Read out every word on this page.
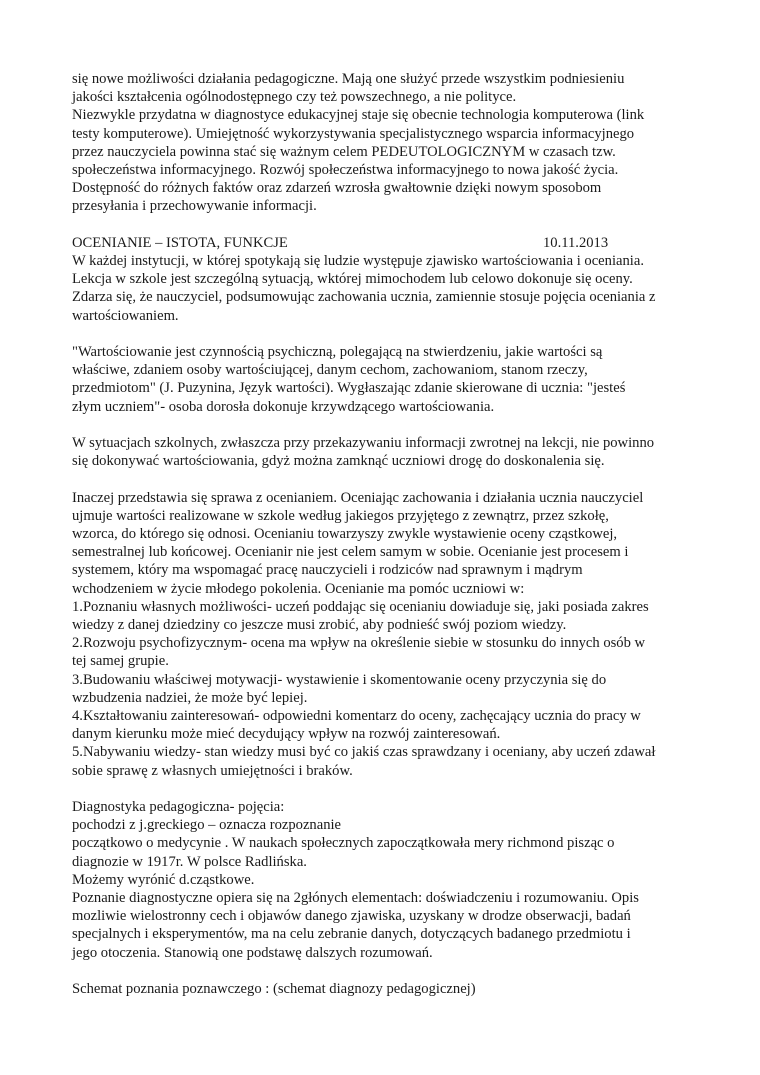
się nowe możliwości działania pedagogiczne. Mają one służyć przede wszystkim podniesieniu
jakości kształcenia ogólnodostępnego czy też powszechnego, a nie polityce.
Niezwykle przydatna w diagnostyce edukacyjnej staje się obecnie technologia komputerowa (link
testy komputerowe). Umiejętność wykorzystywania specjalistycznego wsparcia informacyjnego
przez nauczyciela powinna stać się ważnym celem PEDEUTOLOGICZNYM w czasach tzw.
społeczeństwa informacyjnego. Rozwój społeczeństwa informacyjnego to nowa jakość życia.
Dostępność do różnych faktów oraz zdarzeń wzrosła gwałtownie dzięki nowym sposobom
przesyłania i przechowywanie informacji.
OCENIANIE – ISTOTA, FUNKCJE	10.11.2013
W każdej instytucji, w której spotykają się ludzie występuje zjawisko wartościowania i oceniania.
Lekcja w szkole jest szczególną sytuacją, wktórej mimochodem lub celowo dokonuje się oceny.
Zdarza się, że nauczyciel, podsumowując zachowania ucznia, zamiennie stosuje pojęcia oceniania z
wartościowaniem.
"Wartościowanie jest czynnością psychiczną, polegającą na stwierdzeniu, jakie wartości są
właściwe, zdaniem osoby wartościującej, danym cechom, zachowaniom, stanom rzeczy,
przedmiotom" (J. Puzynina, Język wartości). Wygłaszając zdanie skierowane di ucznia: "jesteś
złym uczniem"- osoba dorosła dokonuje krzywdzącego wartościowania.
W sytuacjach szkolnych, zwłaszcza przy przekazywaniu informacji zwrotnej na lekcji, nie powinno
się dokonywać wartościowania, gdyż można zamknąć uczniowi drogę do doskonalenia się.
Inaczej przedstawia się sprawa z ocenianiem. Oceniając zachowania i działania ucznia nauczyciel
ujmuje wartości realizowane w szkole według jakiegos przyjętego z zewnątrz, przez szkołę,
wzorca, do którego się odnosi. Ocenianiu towarzyszy zwykle wystawienie oceny cząstkowej,
semestralnej lub końcowej. Ocenianir nie jest celem samym w sobie. Ocenianie jest procesem i
systemem, który ma wspomagać pracę nauczycieli i rodziców nad sprawnym i mądrym
wchodzeniem w życie młodego pokolenia. Ocenianie ma pomóc uczniowi w:
1.Poznaniu własnych możliwości- uczeń poddając się ocenianiu dowiaduje się, jaki posiada zakres
wiedzy z danej dziedziny co jeszcze musi zrobić, aby podnieść swój poziom wiedzy.
2.Rozwoju psychofizycznym- ocena ma wpływ na określenie siebie w stosunku do innych osób w
tej samej grupie.
3.Budowaniu właściwej motywacji- wystawienie i skomentowanie oceny przyczynia się do
wzbudzenia nadziei, że może być lepiej.
4.Kształtowaniu zainteresowań- odpowiedni komentarz do oceny, zachęcający ucznia do pracy w
danym kierunku może mieć decydujący wpływ na rozwój zainteresowań.
5.Nabywaniu wiedzy- stan wiedzy musi być co jakiś czas sprawdzany i oceniany, aby uczeń zdawał
sobie sprawę z własnych umiejętności i braków.
Diagnostyka pedagogiczna- pojęcia:
pochodzi z j.greckiego – oznacza rozpoznanie
początkowo o medycynie . W naukach społecznych zapoczątkowała mery richmond pisząc o
diagnozie w 1917r. W polsce Radlińska.
Możemy wyrónić d.cząstkowe.
Poznanie diagnostyczne opiera się na 2głónych elementach: doświadczeniu i rozumowaniu. Opis
mozliwie wielostronny cech i objawów danego zjawiska, uzyskany w drodze obserwacji, badań
specjalnych i eksperymentów, ma na celu zebranie danych, dotyczących badanego przedmiotu i
jego otoczenia. Stanowią one podstawę dalszych rozumowań.
Schemat poznania poznawczego : (schemat diagnozy pedagogicznej)
